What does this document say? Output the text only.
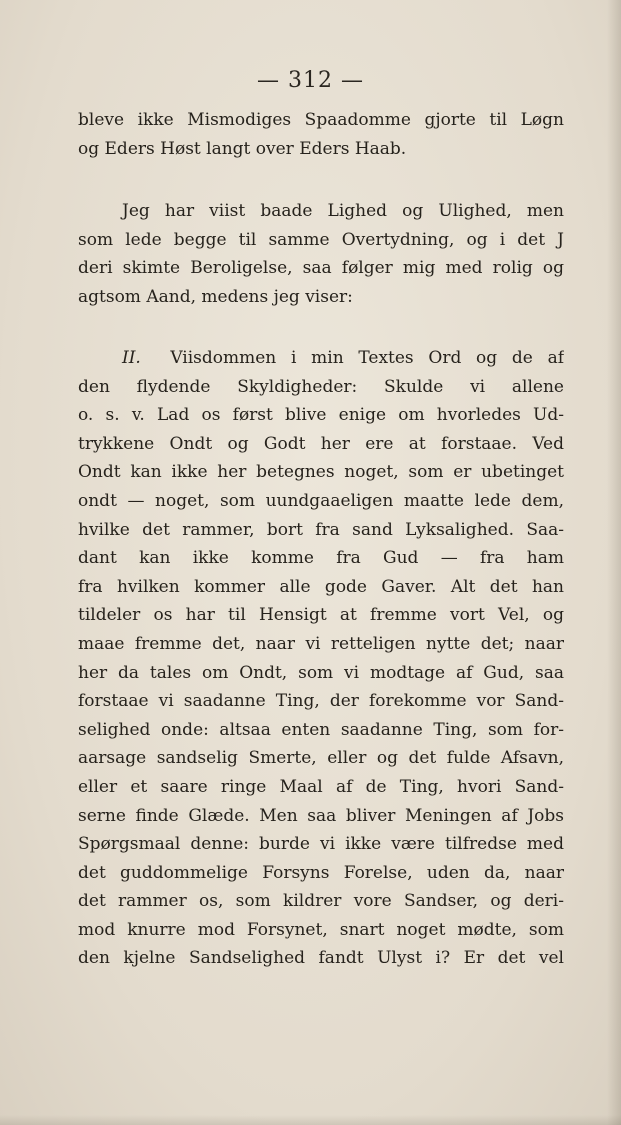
— 312 —
bleve ikke Mismodiges Spaadomme gjorte til Løgn
og Eders Høst langt over Eders Haab.
Jeg har viist baade Lighed og Ulighed, men
som lede begge til samme Overtydning, og i det J
deri skimte Beroligelse, saa følger mig med rolig og
agtsom Aand, medens jeg viser:
II. Viisdommen i min Textes Ord og de af
den flydende Skyldigheder: Skulde vi allene
o. s. v. Lad os først blive enige om hvorledes Ud-
trykkene Ondt og Godt her ere at forstaae. Ved
Ondt kan ikke her betegnes noget, som er ubetinget
ondt — noget, som uundgaaeligen maatte lede dem,
hvilke det rammer, bort fra sand Lyksalighed. Saa-
dant kan ikke komme fra Gud — fra ham
fra hvilken kommer alle gode Gaver. Alt det han
tildeler os har til Hensigt at fremme vort Vel, og
maae fremme det, naar vi retteligen nytte det; naar
her da tales om Ondt, som vi modtage af Gud, saa
forstaae vi saadanne Ting, der forekomme vor Sand-
selighed onde: altsaa enten saadanne Ting, som for-
aarsage sandselig Smerte, eller og det fulde Afsavn,
eller et saare ringe Maal af de Ting, hvori Sand-
serne finde Glæde. Men saa bliver Meningen af Jobs
Spørgsmaal denne: burde vi ikke være tilfredse med
det guddommelige Forsyns Forelse, uden da, naar
det rammer os, som kildrer vore Sandser, og deri-
mod knurre mod Forsynet, snart noget mødte, som
den kjelne Sandselighed fandt Ulyst i? Er det vel
